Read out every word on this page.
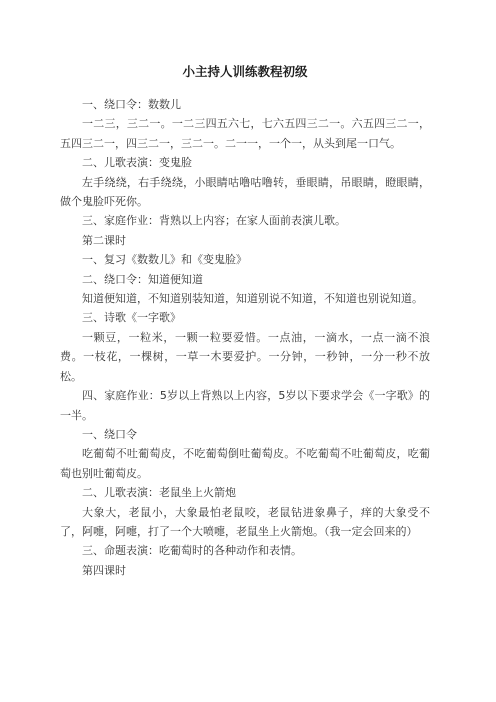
小主持人训练教程初级

一、绕口令：数数儿

一二三，三二一。一二三四五六七，七六五四三二一。六五四三二一，五四三二一，四三二一，三二一。二一一，一个一，从头到尾一口气。

二、儿歌表演：变鬼脸

左手绕绕，右手绕绕，小眼睛咕噜咕噜转，垂眼睛，吊眼睛，瞪眼睛，做个鬼脸吓死你。

三、家庭作业：背熟以上内容；在家人面前表演儿歌。

第二课时

一、复习《数数儿》和《变鬼脸》

二、绕口令：知道便知道

知道便知道，不知道别装知道，知道别说不知道，不知道也别说知道。

三、诗歌《一字歌》

一颗豆，一粒米，一颗一粒要爱惜。一点油，一滴水，一点一滴不浪费。一枝花，一棵树，一草一木要爱护。一分钟，一秒钟，一分一秒不放松。

四、家庭作业：5岁以上背熟以上内容，5岁以下要求学会《一字歌》的一半。

一、绕口令

吃葡萄不吐葡萄皮，不吃葡萄倒吐葡萄皮。不吃葡萄不吐葡萄皮，吃葡萄也别吐葡萄皮。

二、儿歌表演：老鼠坐上火箭炮

大象大，老鼠小，大象最怕老鼠咬，老鼠钻进象鼻子，痒的大象受不了，阿嚏，阿嚏，打了一个大喷嚏，老鼠坐上火箭炮。（我一定会回来的）

三、命题表演：吃葡萄时的各种动作和表情。

第四课时
